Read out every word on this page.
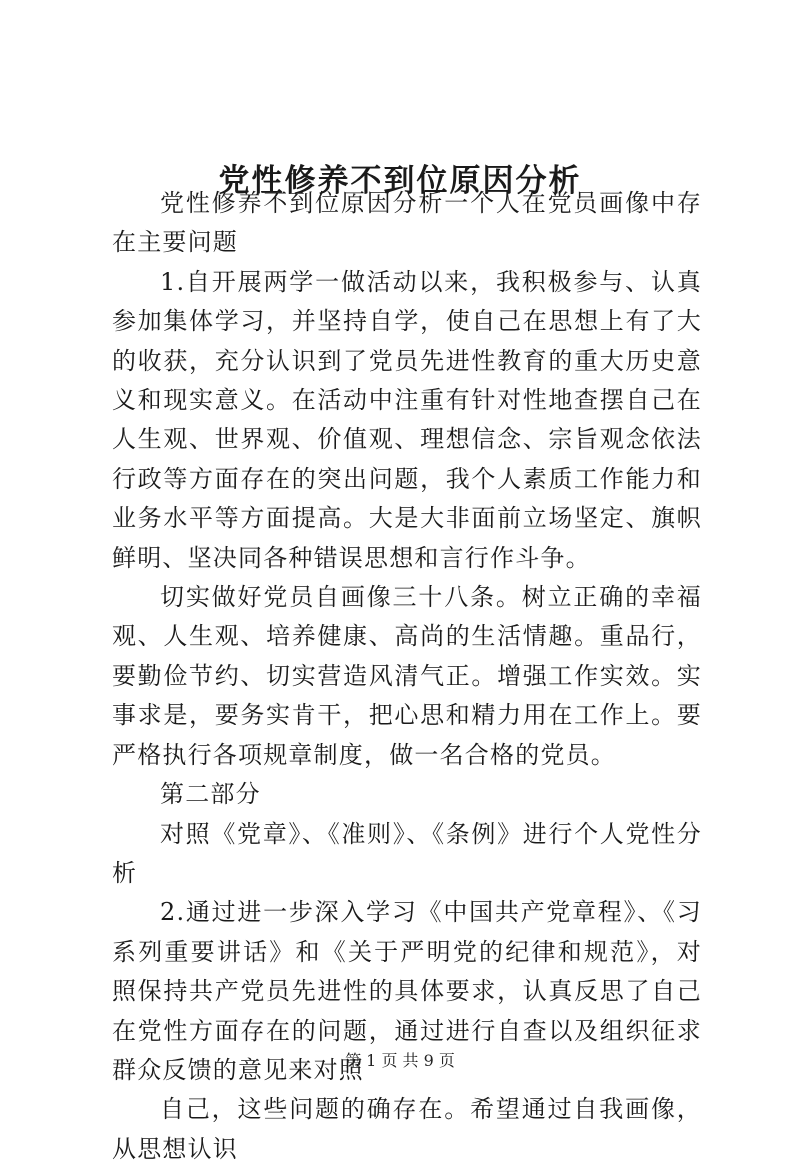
党性修养不到位原因分析

党性修养不到位原因分析一个人在党员画像中存在主要问题

1.自开展两学一做活动以来，我积极参与、认真参加集体学习，并坚持自学，使自己在思想上有了大的收获，充分认识到了党员先进性教育的重大历史意义和现实意义。在活动中注重有针对性地查摆自己在人生观、世界观、价值观、理想信念、宗旨观念依法行政等方面存在的突出问题，我个人素质工作能力和业务水平等方面提高。大是大非面前立场坚定、旗帜鲜明、坚决同各种错误思想和言行作斗争。

切实做好党员自画像三十八条。树立正确的幸福观、人生观、培养健康、高尚的生活情趣。重品行，要勤俭节约、切实营造风清气正。增强工作实效。实事求是，要务实肯干，把心思和精力用在工作上。要严格执行各项规章制度，做一名合格的党员。

第二部分

对照《党章》、《准则》、《条例》进行个人党性分析

2.通过进一步深入学习《中国共产党章程》、《习系列重要讲话》和《关于严明党的纪律和规范》，对照保持共产党员先进性的具体要求，认真反思了自己在党性方面存在的问题，通过进行自查以及组织征求群众反馈的意见来对照

自己，这些问题的确存在。希望通过自我画像，从思想认识

第 1 页 共 9 页
